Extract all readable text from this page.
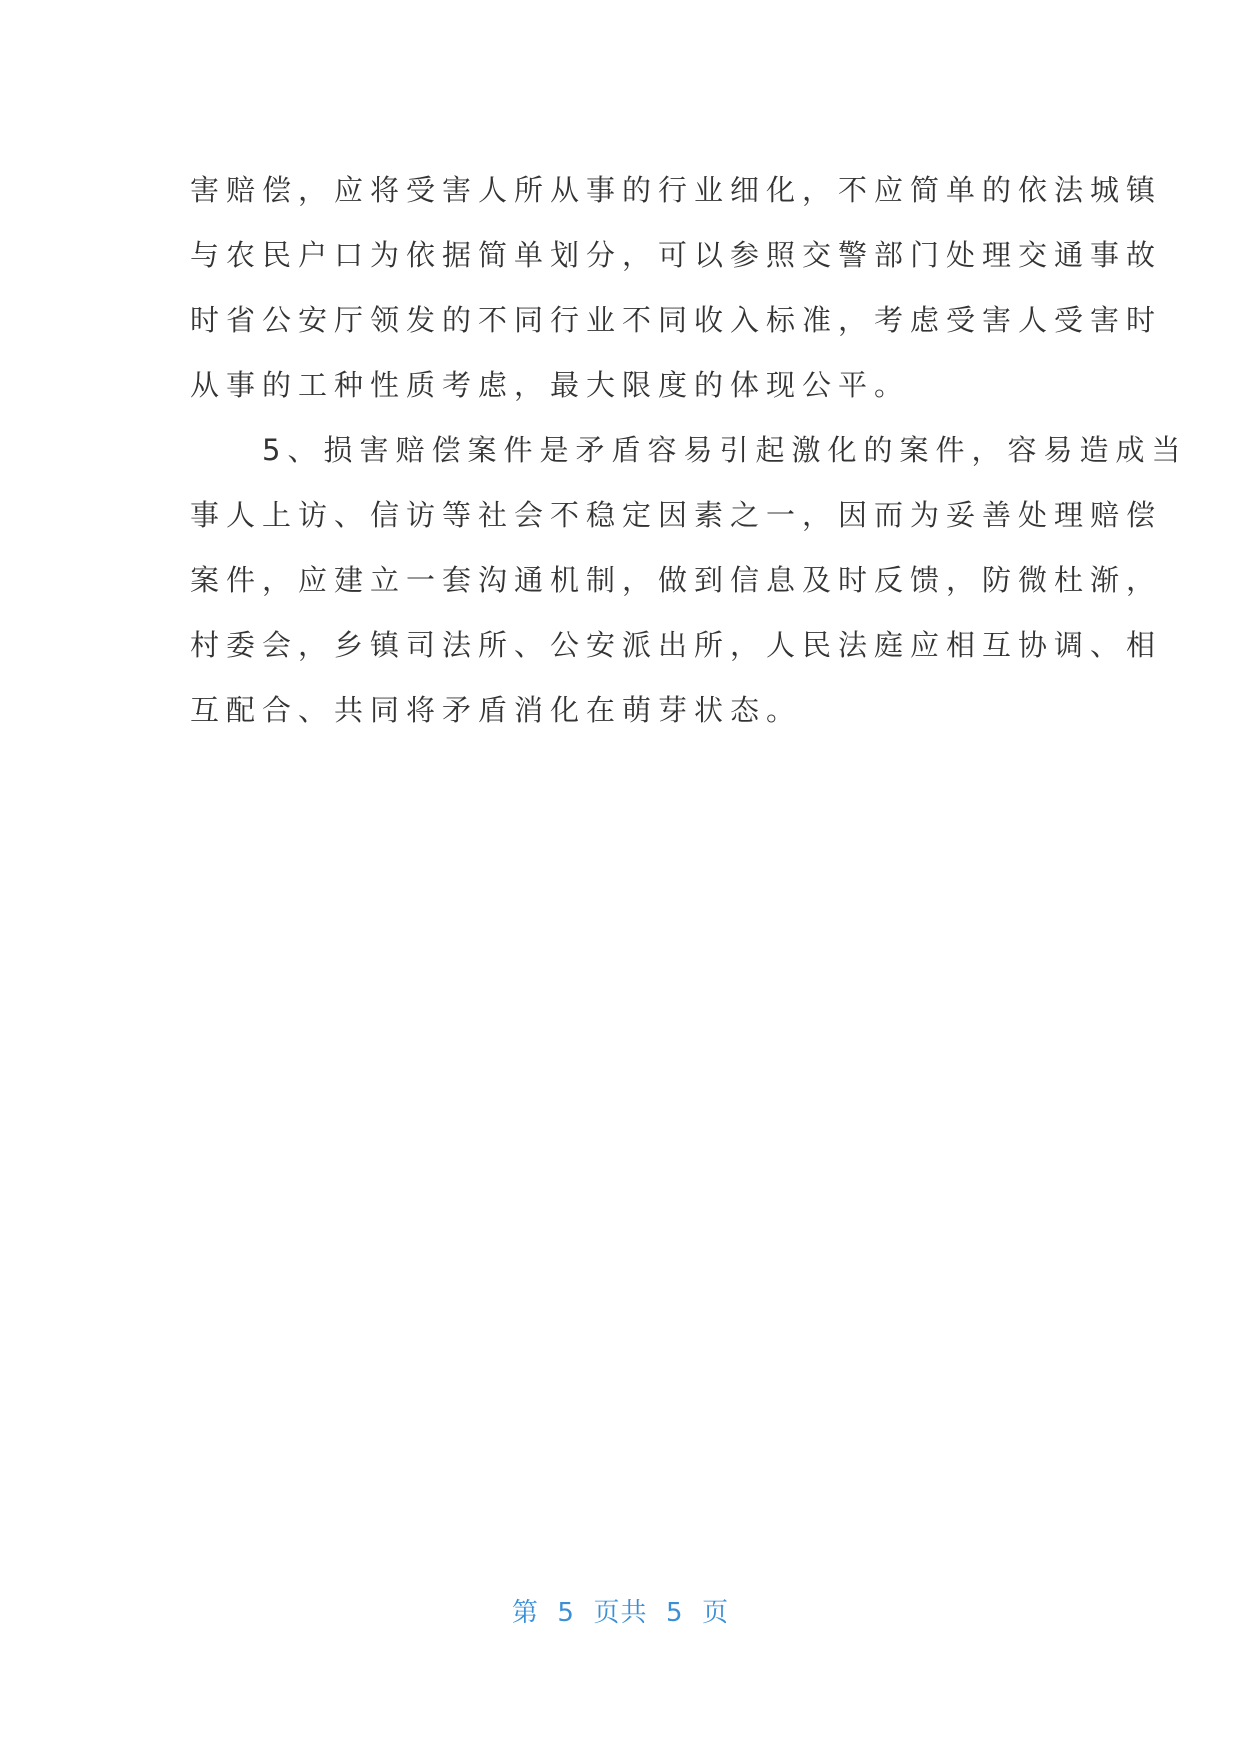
害赔偿，应将受害人所从事的行业细化，不应简单的依法城镇
与农民户口为依据简单划分，可以参照交警部门处理交通事故
时省公安厅领发的不同行业不同收入标准，考虑受害人受害时
从事的工种性质考虑，最大限度的体现公平。
　　5、损害赔偿案件是矛盾容易引起激化的案件，容易造成当
事人上访、信访等社会不稳定因素之一，因而为妥善处理赔偿
案件，应建立一套沟通机制，做到信息及时反馈，防微杜渐，
村委会，乡镇司法所、公安派出所，人民法庭应相互协调、相
互配合、共同将矛盾消化在萌芽状态。
第  5  页共  5  页
